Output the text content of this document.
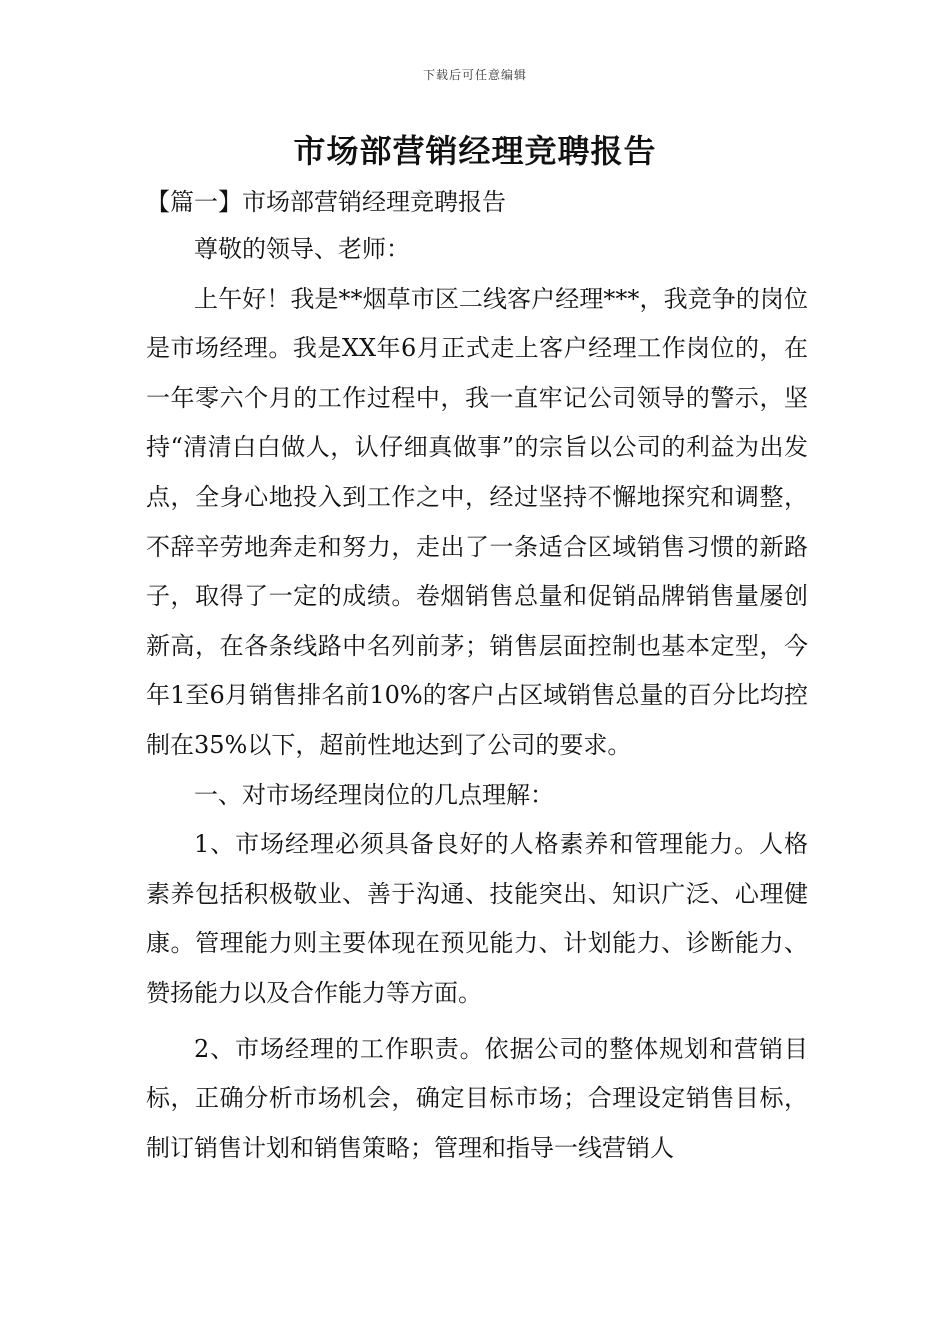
下载后可任意编辑
市场部营销经理竞聘报告
【篇一】市场部营销经理竞聘报告

尊敬的领导、老师：

上午好！我是**烟草市区二线客户经理***，我竞争的岗位是市场经理。我是XX年6月正式走上客户经理工作岗位的，在一年零六个月的工作过程中，我一直牢记公司领导的警示，坚持“清清白白做人，认仔细真做事”的宗旨以公司的利益为出发点，全身心地投入到工作之中，经过坚持不懈地探究和调整，不辞辛劳地奔走和努力，走出了一条适合区域销售习惯的新路子，取得了一定的成绩。卷烟销售总量和促销品牌销售量屡创新高，在各条线路中名列前茅；销售层面控制也基本定型，今年1至6月销售排名前10%的客户占区域销售总量的百分比均控制在35%以下，超前性地达到了公司的要求。

一、对市场经理岗位的几点理解：

1、市场经理必须具备良好的人格素养和管理能力。人格素养包括积极敬业、善于沟通、技能突出、知识广泛、心理健康。管理能力则主要体现在预见能力、计划能力、诊断能力、赞扬能力以及合作能力等方面。

2、市场经理的工作职责。依据公司的整体规划和营销目标，正确分析市场机会，确定目标市场；合理设定销售目标，制订销售计划和销售策略；管理和指导一线营销人
